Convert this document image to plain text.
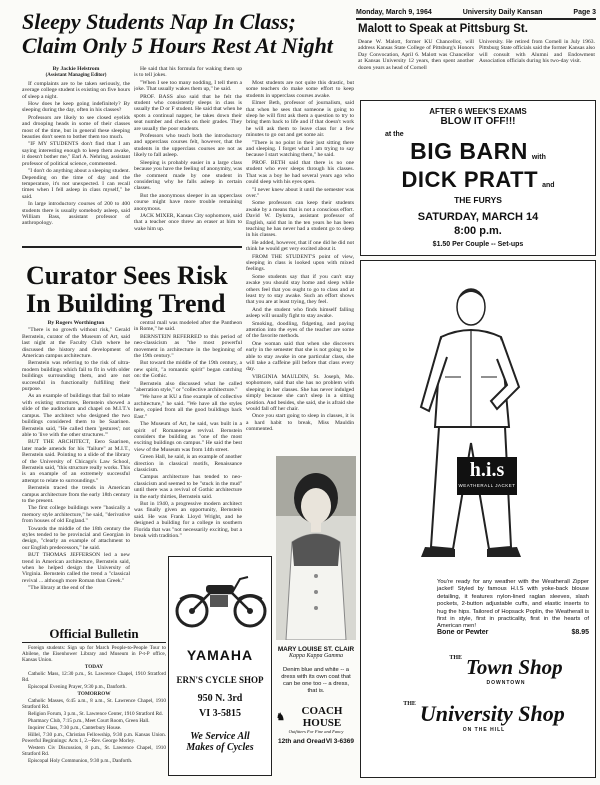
Monday, March 9, 1964	University Daily Kansan	Page 3
Sleepy Students Nap In Class;
Claim Only 5 Hours Rest At Night

By Jackie Helstrom

(Assistant Managing Editor)

If complaints are to be taken seriously, the average college student is existing on five hours of sleep a night.

How does he keep going indefinitely? By sleeping during the day, often in his classes?

Professors are likely to see closed eyelids and drooping heads in some of their classes most of the time, but in general these sleeping beauties don't seem to bother them too much.

"IF MY STUDENTS don't find that I am saying interesting enough to keep them awake, it doesn't bother me," Earl A. Nehring, assistant professor of political science, commented.

"I don't do anything about a sleeping student. Depending on the time of day and the temperature, it's not unexpected. I can recall times when I fell asleep in class myself," he said.

In large introductory courses of 200 to 400 students there is usually somebody asleep, said William Bass, assistant professor of anthropology.

He said that his formula for waking them up is to tell jokes.

"When I see too many nodding, I tell them a joke. That usually wakes them up," he said.

PROF. BASS also said that he felt the student who consistently sleeps in class is usually the D or F student. He said that when he spots a continual napper, he takes down their seat number and checks on their grades. They are usually the poor students.

Professors who teach both the introductory and upperclass courses felt, however, that the students in the upperclass courses are not as likely to fall asleep.

Sleeping is probably easier in a large class because you have the feeling of anonymity, was the comment made by one student in considering why he falls asleep in certain classes.

But the anonymous sleeper in an upperclass course might have more trouble remaining anonymous.

JACK MIXER, Kansas City sophomore, said that a teacher once threw an eraser at him to wake him up.

Most students are not quite this drastic, but some teachers do make some effort to keep students in upperclass courses awake.

Elmer Beth, professor of journalism, said that when he sees that someone is going to sleep he will first ask them a question to try to bring them back to life and if that doesn't work he will ask them to leave class for a few minutes to go out and get some air.

"There is no point in their just sitting there and sleeping. I forget what I am trying to say because I start watching them," he said.

PROF. BETH said that there is no one student who ever sleeps through his classes. That was a boy he had several years ago who could sleep with his eyes open.

"I never knew about it until the semester was over."

Some professors can keep their students awake by a means that is not a conscious effort. David W. Dykstra, assistant professor of English, said that in the ten years he has been teaching he has never had a student go to sleep in his classes.

He added, however, that if one did he did not think he would get very excited about it.

FROM THE STUDENT'S point of view, sleeping in class is looked upon with mixed feelings.

Some students say that if you can't stay awake you should stay home and sleep while others feel that you ought to go to class and at least try to stay awake. Such an effort shows that you are at least trying, they feel.

And the student who finds himself falling asleep will usually fight to stay awake.

Smoking, doodling, fidgeting, and paying attention into the eyes of the teacher are some of the favorite methods.

One woman said that when she discovers early in the semester that she is not going to be able to stay awake in one particular class, she will take a caffeine pill before that class every day.

VIRGINIA MAULDIN, St. Joseph, Mo. sophomore, said that she has no problem with sleeping in her classes. She has never indulged simply because she can't sleep in a sitting position. And besides, she said, she is afraid she would fall off her chair.

Once you start going to sleep in classes, it is a hard habit to break, Miss Mauldin commented.

Curator Sees Risk
In Building Trend

By Rogers Worthington

"There is no growth without risk," Gerald Bernstein, curator of the Museum of Art, said last night at the Faculty Club where he discussed the history and development of American campus architecture.

Bernstein was referring to the risk of ultra-modern buildings which fail to fit in with older buildings surrounding them, and are not successful in functionally fulfilling their purpose.

As an example of buildings that fail to relate with existing structures, Bernstein showed a slide of the auditorium and chapel on M.I.T.'s campus. The architect who designed the two buildings considered them to be Saarinen. Bernstein said, "He called them 'gestures'; not able to 'live with the other structures.'"

BUT THE ARCHITECT, Eero Saarinen, later made amends for his "failure" at M.I.T., Bernstein said. Pointing to a slide of the library of the University of Chicago's Law School, Bernstein said, "this structure really works. This is an example of an extremely successful attempt to relate to surroundings."

Bernstein traced the trends in American campus architecture from the early 18th century to the present.

The first college buildings were "basically a memory style architecture," he said, "derivative from houses of old England."

Towards the middle of the 18th century the styles tended to be provincial and Georgian in design, "clearly an example of attachment to our English predecessors," he said.

BUT THOMAS JEFFERSON led a new trend in American architecture, Bernstein said, when he helped design the University of Virginia. Bernstein called the trend a "classical revival ... although more Roman than Greek."

"The library at the end of the

central mall was modeled after the Pantheon in Rome," he said.

BERNSTEIN REFERRED to this period of neo-classicism as "the most powerful movement in architecture in the beginning of the 19th century."

But toward the middle of the 19th century, a new spirit, "a romantic spirit" began catching on: the Gothic.

Bernstein also discussed what he called "aberration style," or "collective architecture."

"We have at KU a fine example of collective architecture," he said. "We have all the styles here, copied from all the good buildings back East."

The Museum of Art, he said, was built in a spirit of Romanesque revival. Bernstein considers the building as "one of the most exciting buildings on campus." He said the best view of the Museum was from 14th street.

Green Hall, he said, is an example of another direction in classical motifs, Renaissance classicism.

Campus architecture has tended to neo-classicism and seemed to be "stuck in the mud" until there was a revival of Gothic architecture in the early thirties, Bernstein said.

But in 1940, a progressive modern architect was finally given an opportunity, Bernstein said. He was Frank Lloyd Wright, and he designed a building for a college in southern Florida that was "not necessarily exciting, but a break with tradition."

Official Bulletin

Foreign students: Sign up for March People-to-People Tour to Abilene, the Eisenhower Library and Museum in P-t-P office, Kansas Union.

TODAY

Catholic Mass, 12:30 p.m., St. Lawrence Chapel, 1910 Stratford Rd.

Episcopal Evening Prayer, 9:30 p.m., Danforth.

TOMORROW

Catholic Masses, 6:45 a.m., 8 a.m., St. Lawrence Chapel, 1910 Stratford Rd.

Religion Forum, 3 p.m., St. Lawrence Center, 1910 Stratford Rd.

Pharmacy Club, 7:15 p.m., Meet Court Room, Green Hall.

Inquirer Class, 7:30 p.m., Canterbury House.

Hillel, 7:30 p.m., Christian Fellowship, 9:30 p.m. Kansas Union. Powerful Beginnings: Acts 1, 2.--Rev. George Morley.

Western Civ Discussion, 8 p.m., St. Lawrence Chapel, 1910 Stratford Rd.

Episcopal Holy Communion, 9:30 p.m., Danforth.

YAMAHA
ERN'S CYCLE SHOP
950 N. 3rd
VI 3-5815
We Service All
Makes of Cycles
MARY LOUISE ST. CLAIR
Kappa Kappa Gamma
Denim blue and white -- a dress with its own coat that can be one too -- a dress, that is.
♞	COACH HOUSE
Outfitters For Fine and Fancy
12th and Oread VI 3-6369
Malott to Speak at Pittsburg St.
Deane W. Malott, former KU Chancellor, will address Kansas State College of Pittsburg's Honors Day Convocation, April 6. Malott was Chancellor at Kansas University 12 years, then spent another dozen years as head of Cornell
University. He retired from Cornell in July 1963. Pittsburg State officials said the former Kansas also will consult with Alumni and Endowment Association officials during his two-day visit.
AFTER 6 WEEK'S EXAMS
BLOW IT OFF!!!
at the
BIG BARN with
DICK PRATT and
THE FURYS
SATURDAY, MARCH 14
8:00 p.m.
$1.50 Per Couple -- Set-ups
h.i.s
WEATHERALL JACKET
You're ready for any weather with the Weatherall Zipper jacket! Styled by famous H.I.S with yoke-back blouse detailing, it features nylon-lined raglan sleeves, slash pockets, 2-button adjustable cuffs, and elastic inserts to hug the hips. Tailored of Hopsack Poplin, the Weatherall is first in style, first in practicality, first in the hearts of American men!
Bone or Pewter	$8.95
$^{THE}$ Town Shop
DOWNTOWN
$^{THE}$ University Shop
ON THE HILL
